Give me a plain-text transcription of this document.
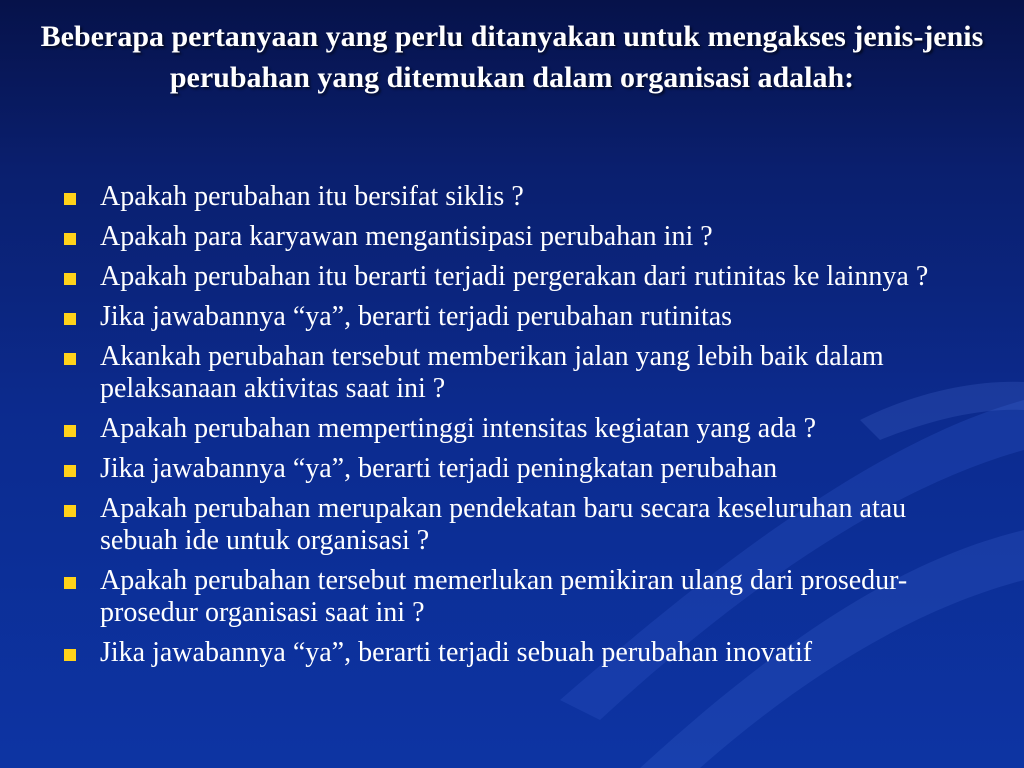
Beberapa pertanyaan yang perlu ditanyakan untuk mengakses jenis-jenis perubahan yang ditemukan dalam organisasi adalah:
Apakah perubahan itu bersifat siklis ?
Apakah para karyawan mengantisipasi perubahan ini ?
Apakah perubahan itu berarti terjadi pergerakan dari rutinitas ke lainnya ?
Jika jawabannya “ya”, berarti terjadi perubahan rutinitas
Akankah perubahan tersebut memberikan jalan yang lebih baik dalam pelaksanaan aktivitas saat ini ?
Apakah perubahan mempertinggi intensitas kegiatan yang ada ?
Jika jawabannya “ya”, berarti terjadi peningkatan perubahan
Apakah perubahan merupakan pendekatan baru secara keseluruhan atau sebuah ide untuk organisasi ?
Apakah perubahan tersebut memerlukan pemikiran ulang dari prosedur-prosedur organisasi saat ini ?
Jika jawabannya “ya”, berarti terjadi sebuah perubahan inovatif
